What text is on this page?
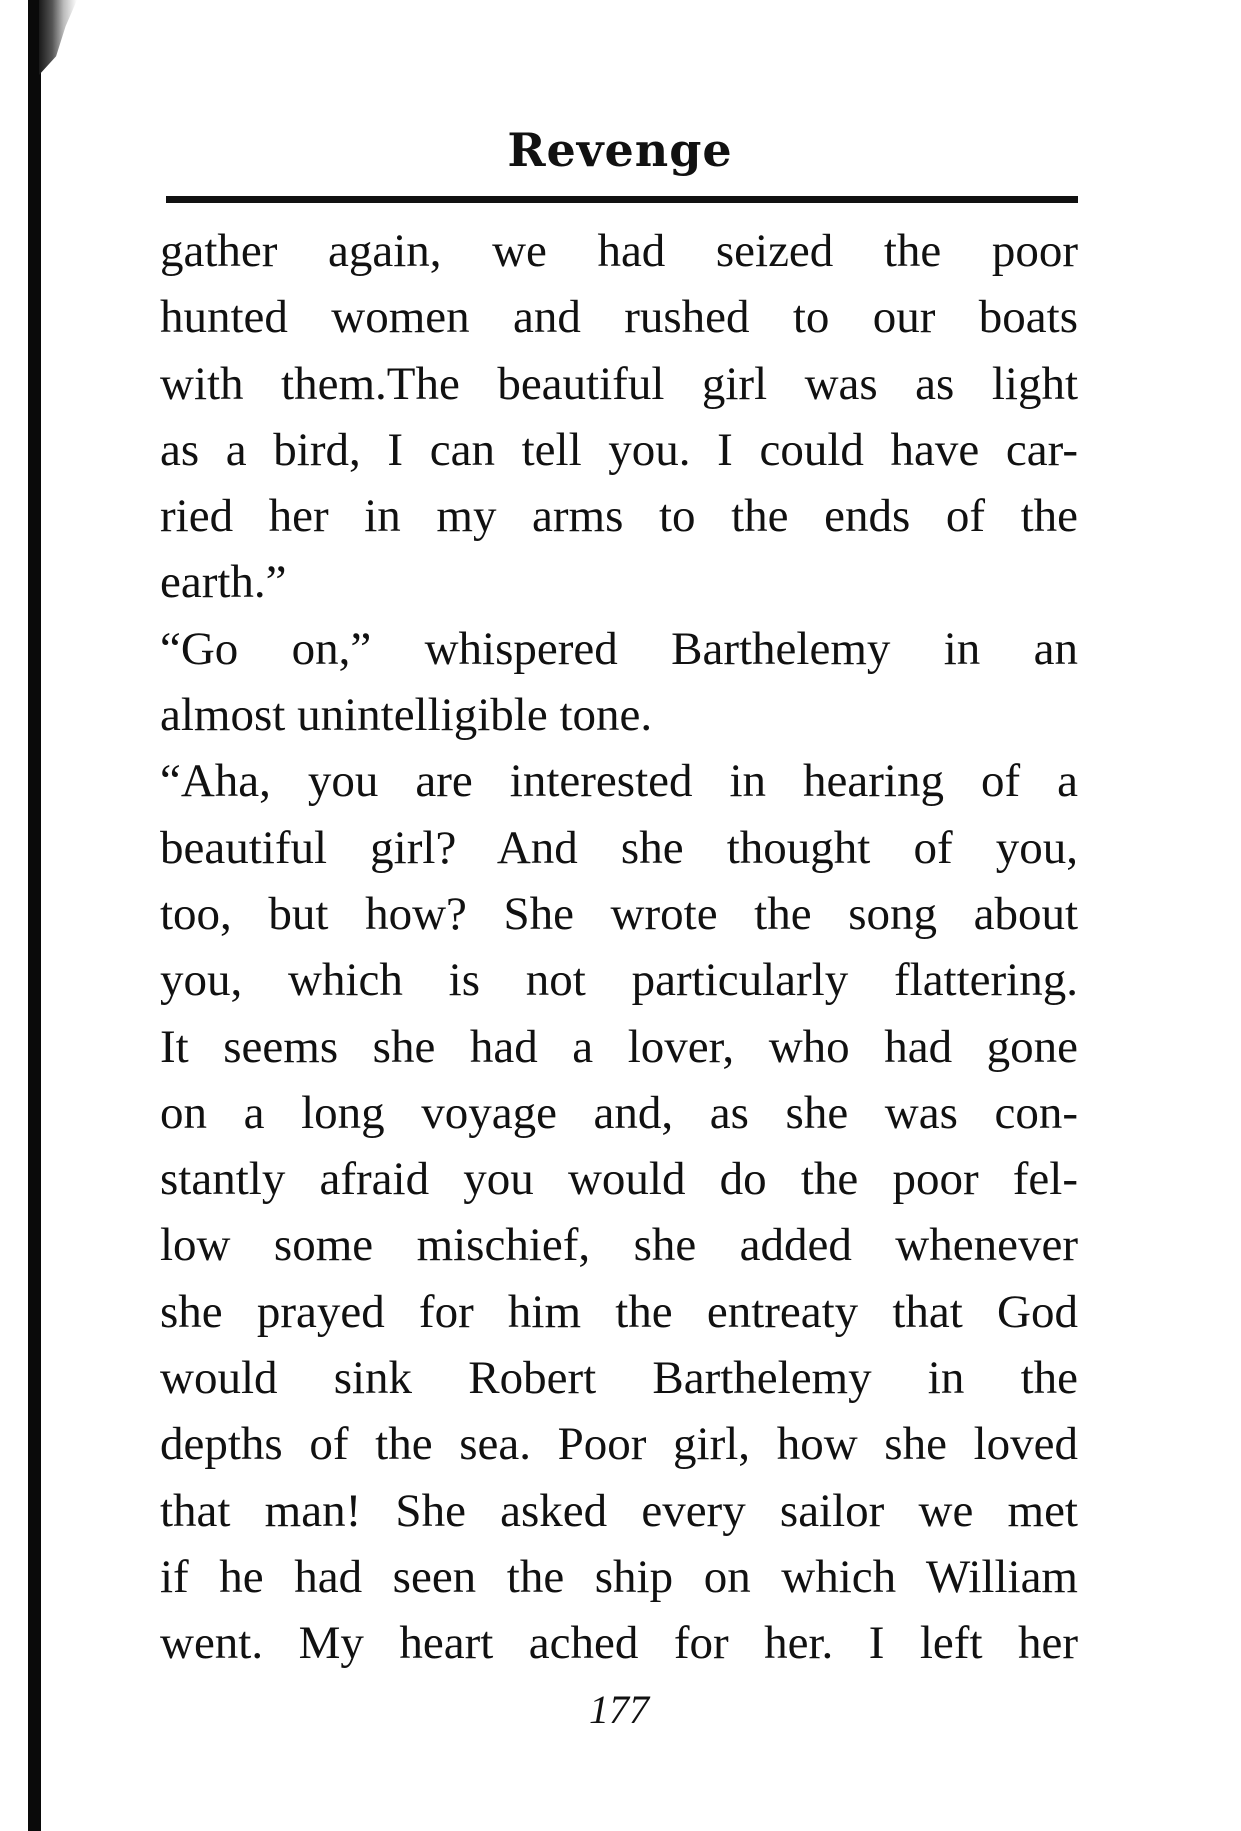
Revenge
gather again, we had seized the poor
hunted women and rushed to our boats
with them.The beautiful girl was as light
as a bird, I can tell you. I could have car-
ried her in my arms to the ends of the
earth.”
“Go on,” whispered Barthelemy in an
almost unintelligible tone.
“Aha, you are interested in hearing of a
beautiful girl? And she thought of you,
too, but how? She wrote the song about
you, which is not particularly flattering.
It seems she had a lover, who had gone
on a long voyage and, as she was con-
stantly afraid you would do the poor fel-
low some mischief, she added whenever
she prayed for him the entreaty that God
would sink Robert Barthelemy in the
depths of the sea. Poor girl, how she loved
that man! She asked every sailor we met
if he had seen the ship on which William
went. My heart ached for her. I left her
177
